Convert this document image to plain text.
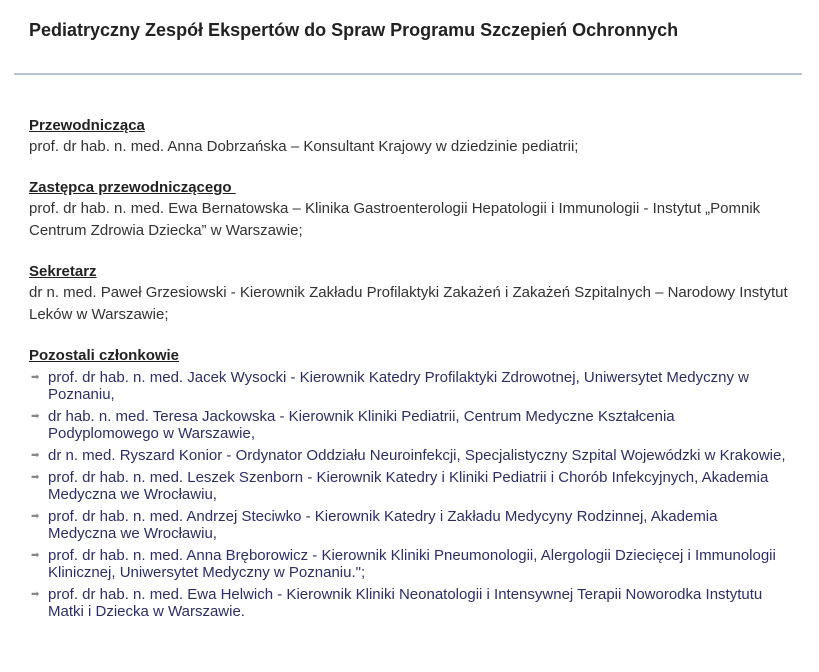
Pediatryczny Zespół Ekspertów do Spraw Programu Szczepień Ochronnych

Przewodnicząca

prof. dr hab. n. med. Anna Dobrzańska – Konsultant Krajowy w dziedzinie pediatrii;

Zastępca przewodniczącego

prof. dr hab. n. med. Ewa Bernatowska – Klinika Gastroenterologii Hepatologii i Immunologii - Instytut „Pomnik Centrum Zdrowia Dziecka” w Warszawie;

Sekretarz

dr n. med. Paweł Grzesiowski - Kierownik Zakładu Profilaktyki Zakażeń i Zakażeń Szpitalnych – Narodowy Instytut Leków w Warszawie;

Pozostali członkowie

➡ prof. dr hab. n. med. Jacek Wysocki - Kierownik Katedry Profilaktyki Zdrowotnej, Uniwersytet Medyczny w Poznaniu,
➡ dr hab. n. med. Teresa Jackowska - Kierownik Kliniki Pediatrii, Centrum Medyczne Kształcenia Podyplomowego w Warszawie,
➡ dr n. med. Ryszard Konior - Ordynator Oddziału Neuroinfekcji, Specjalistyczny Szpital Wojewódzki w Krakowie,
➡ prof. dr hab. n. med. Leszek Szenborn - Kierownik Katedry i Kliniki Pediatrii i Chorób Infekcyjnych, Akademia Medyczna we Wrocławiu,
➡ prof. dr hab. n. med. Andrzej Steciwko - Kierownik Katedry i Zakładu Medycyny Rodzinnej, Akademia Medyczna we Wrocławiu,
➡ prof. dr hab. n. med. Anna Bręborowicz - Kierownik Kliniki Pneumonologii, Alergologii Dziecięcej i Immunologii Klinicznej, Uniwersytet Medyczny w Poznaniu.";
➡ prof. dr hab. n. med. Ewa Helwich - Kierownik Kliniki Neonatologii i Intensywnej Terapii Noworodka Instytutu Matki i Dziecka w Warszawie.
